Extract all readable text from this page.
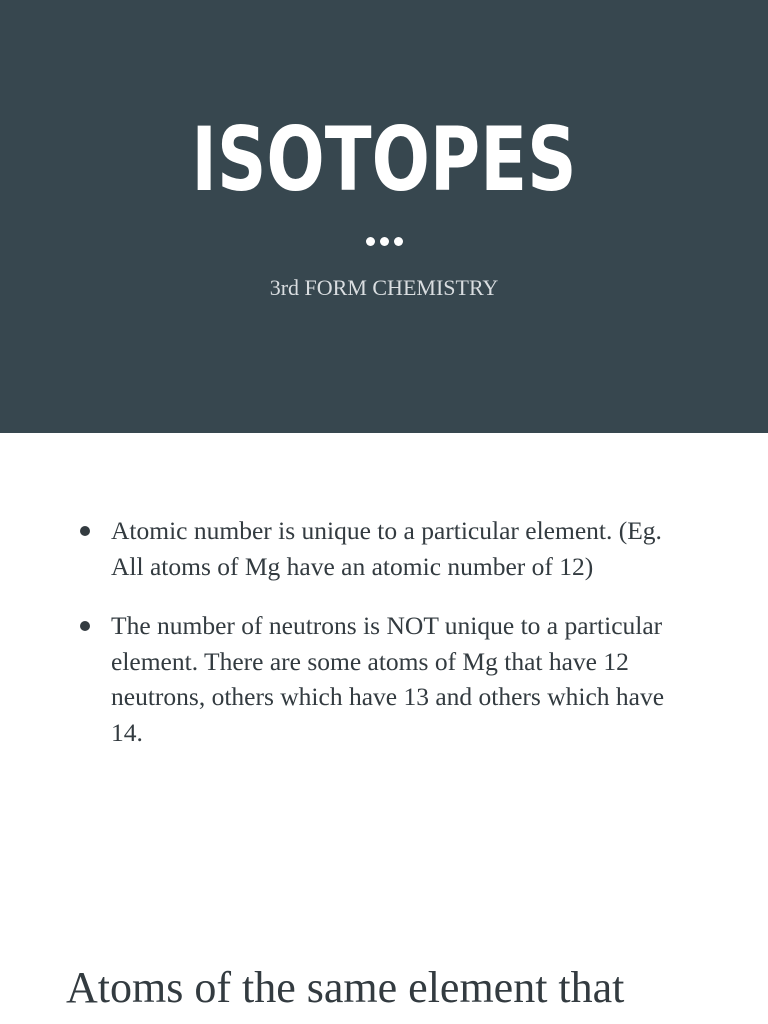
ISOTOPES
3rd FORM CHEMISTRY
Atomic number is unique to a particular element. (Eg. All atoms of Mg have an atomic number of 12)
The number of neutrons is NOT unique to a particular element. There are some atoms of Mg that have 12 neutrons, others which have 13 and others which have 14.
Atoms of the same element that
